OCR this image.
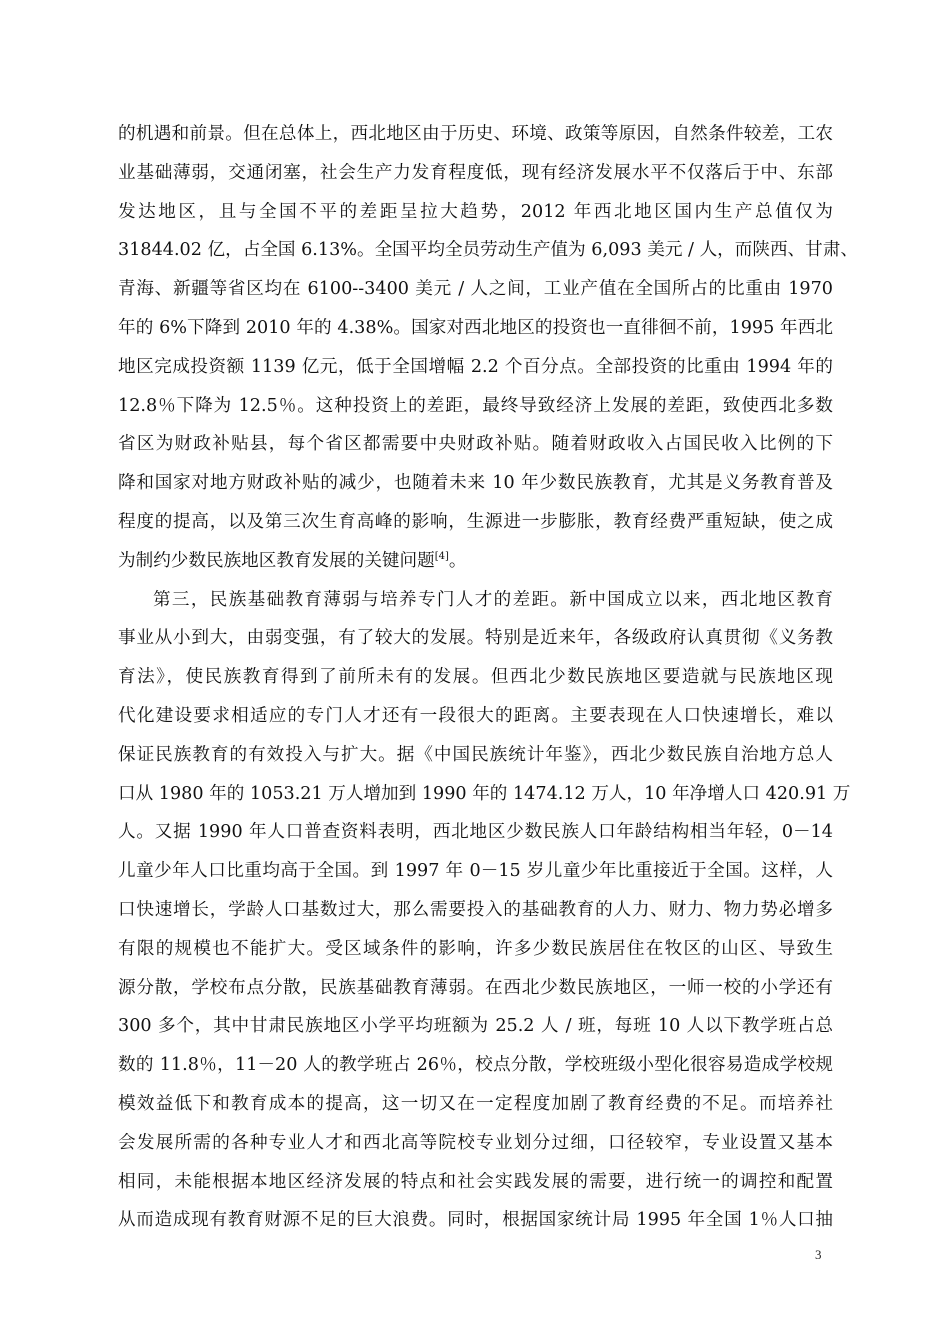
的机遇和前景。但在总体上，西北地区由于历史、环境、政策等原因，自然条件较差，工农
业基础薄弱，交通闭塞，社会生产力发育程度低，现有经济发展水平不仅落后于中、东部
发达地区，且与全国不平的差距呈拉大趋势，2012 年西北地区国内生产总值仅为
31844.02 亿，占全国 6.13%。全国平均全员劳动生产值为 6,093 美元 / 人，而陕西、甘肃、
青海、新疆等省区均在 6100--3400 美元 / 人之间，工业产值在全国所占的比重由 1970
年的 6%下降到 2010 年的 4.38%。国家对西北地区的投资也一直徘徊不前，1995 年西北
地区完成投资额 1139 亿元，低于全国增幅 2.2 个百分点。全部投资的比重由 1994 年的
12.8％下降为 12.5％。这种投资上的差距，最终导致经济上发展的差距，致使西北多数
省区为财政补贴县，每个省区都需要中央财政补贴。随着财政收入占国民收入比例的下
降和国家对地方财政补贴的减少，也随着未来 10 年少数民族教育，尤其是义务教育普及
程度的提高，以及第三次生育高峰的影响，生源进一步膨胀，教育经费严重短缺，使之成
为制约少数民族地区教育发展的关键问题[4]。
第三，民族基础教育薄弱与培养专门人才的差距。新中国成立以来，西北地区教育
事业从小到大，由弱变强，有了较大的发展。特别是近来年，各级政府认真贯彻《义务教
育法》，使民族教育得到了前所未有的发展。但西北少数民族地区要造就与民族地区现
代化建设要求相适应的专门人才还有一段很大的距离。主要表现在人口快速增长，难以
保证民族教育的有效投入与扩大。据《中国民族统计年鉴》，西北少数民族自治地方总人
口从 1980 年的 1053.21 万人增加到 1990 年的 1474.12 万人，10 年净增人口 420.91 万
人。又据 1990 年人口普查资料表明，西北地区少数民族人口年龄结构相当年轻，0－14
儿童少年人口比重均高于全国。到 1997 年 0－15 岁儿童少年比重接近于全国。这样，人
口快速增长，学龄人口基数过大，那么需要投入的基础教育的人力、财力、物力势必增多
有限的规模也不能扩大。受区域条件的影响，许多少数民族居住在牧区的山区、导致生
源分散，学校布点分散，民族基础教育薄弱。在西北少数民族地区，一师一校的小学还有
300 多个，其中甘肃民族地区小学平均班额为 25.2 人 / 班，每班 10 人以下教学班占总
数的 11.8％，11－20 人的教学班占 26％，校点分散，学校班级小型化很容易造成学校规
模效益低下和教育成本的提高，这一切又在一定程度加剧了教育经费的不足。而培养社
会发展所需的各种专业人才和西北高等院校专业划分过细，口径较窄，专业设置又基本
相同，未能根据本地区经济发展的特点和社会实践发展的需要，进行统一的调控和配置
从而造成现有教育财源不足的巨大浪费。同时，根据国家统计局 1995 年全国 1％人口抽
3
